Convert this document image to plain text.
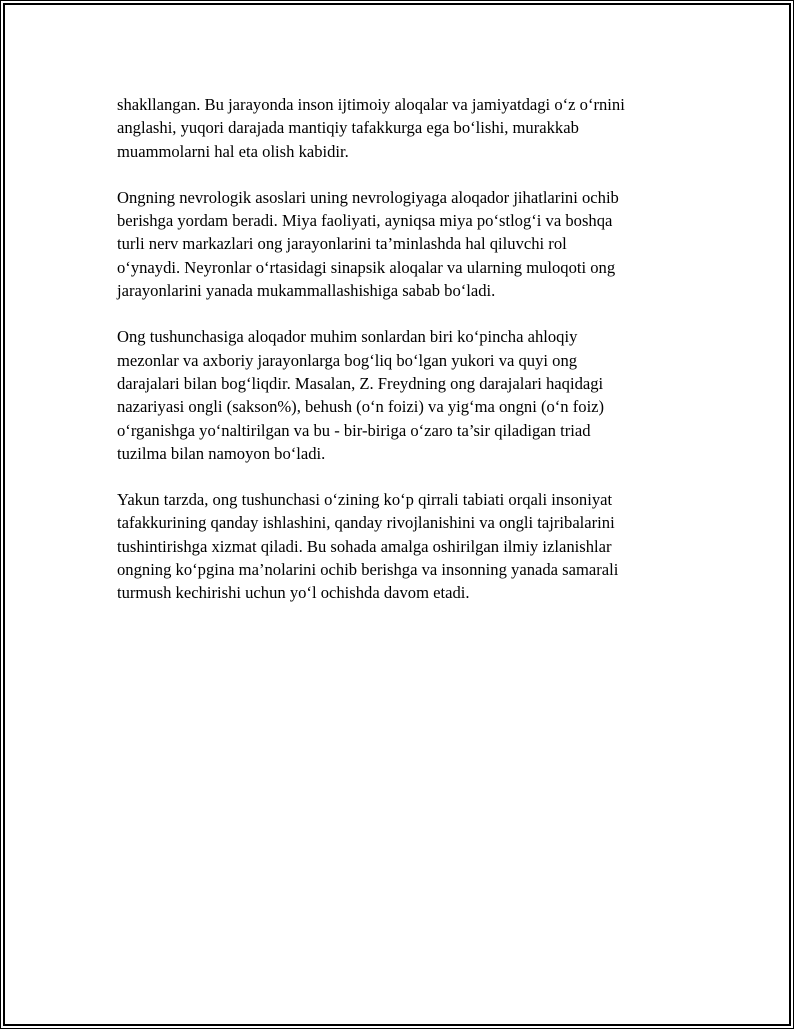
shakllangan. Bu jarayonda inson ijtimoiy aloqalar va jamiyatdagi o‘z o‘rnini
anglashi, yuqori darajada mantiqiy tafakkurga ega bo‘lishi, murakkab
muammolarni hal eta olish kabidir.

Ongning nevrologik asoslari uning nevrologiyaga aloqador jihatlarini ochib
berishga yordam beradi. Miya faoliyati, ayniqsa miya po‘stlog‘i va boshqa
turli nerv markazlari ong jarayonlarini ta’minlashda hal qiluvchi rol
o‘ynaydi. Neyronlar o‘rtasidagi sinapsik aloqalar va ularning muloqoti ong
jarayonlarini yanada mukammallashishiga sabab bo‘ladi.

Ong tushunchasiga aloqador muhim sonlardan biri ko‘pincha ahloqiy
mezonlar va axboriy jarayonlarga bog‘liq bo‘lgan yukori va quyi ong
darajalari bilan bog‘liqdir. Masalan, Z. Freydning ong darajalari haqidagi
nazariyasi ongli (sakson%), behush (o‘n foizi) va yig‘ma ongni (o‘n foiz)
o‘rganishga yo‘naltirilgan va bu - bir-biriga o‘zaro ta’sir qiladigan triad
tuzilma bilan namoyon bo‘ladi.

Yakun tarzda, ong tushunchasi o‘zining ko‘p qirrali tabiati orqali insoniyat
tafakkurining qanday ishlashini, qanday rivojlanishini va ongli tajribalarini
tushintirishga xizmat qiladi. Bu sohada amalga oshirilgan ilmiy izlanishlar
ongning ko‘pgina ma’nolarini ochib berishga va insonning yanada samarali
turmush kechirishi uchun yo‘l ochishda davom etadi.
